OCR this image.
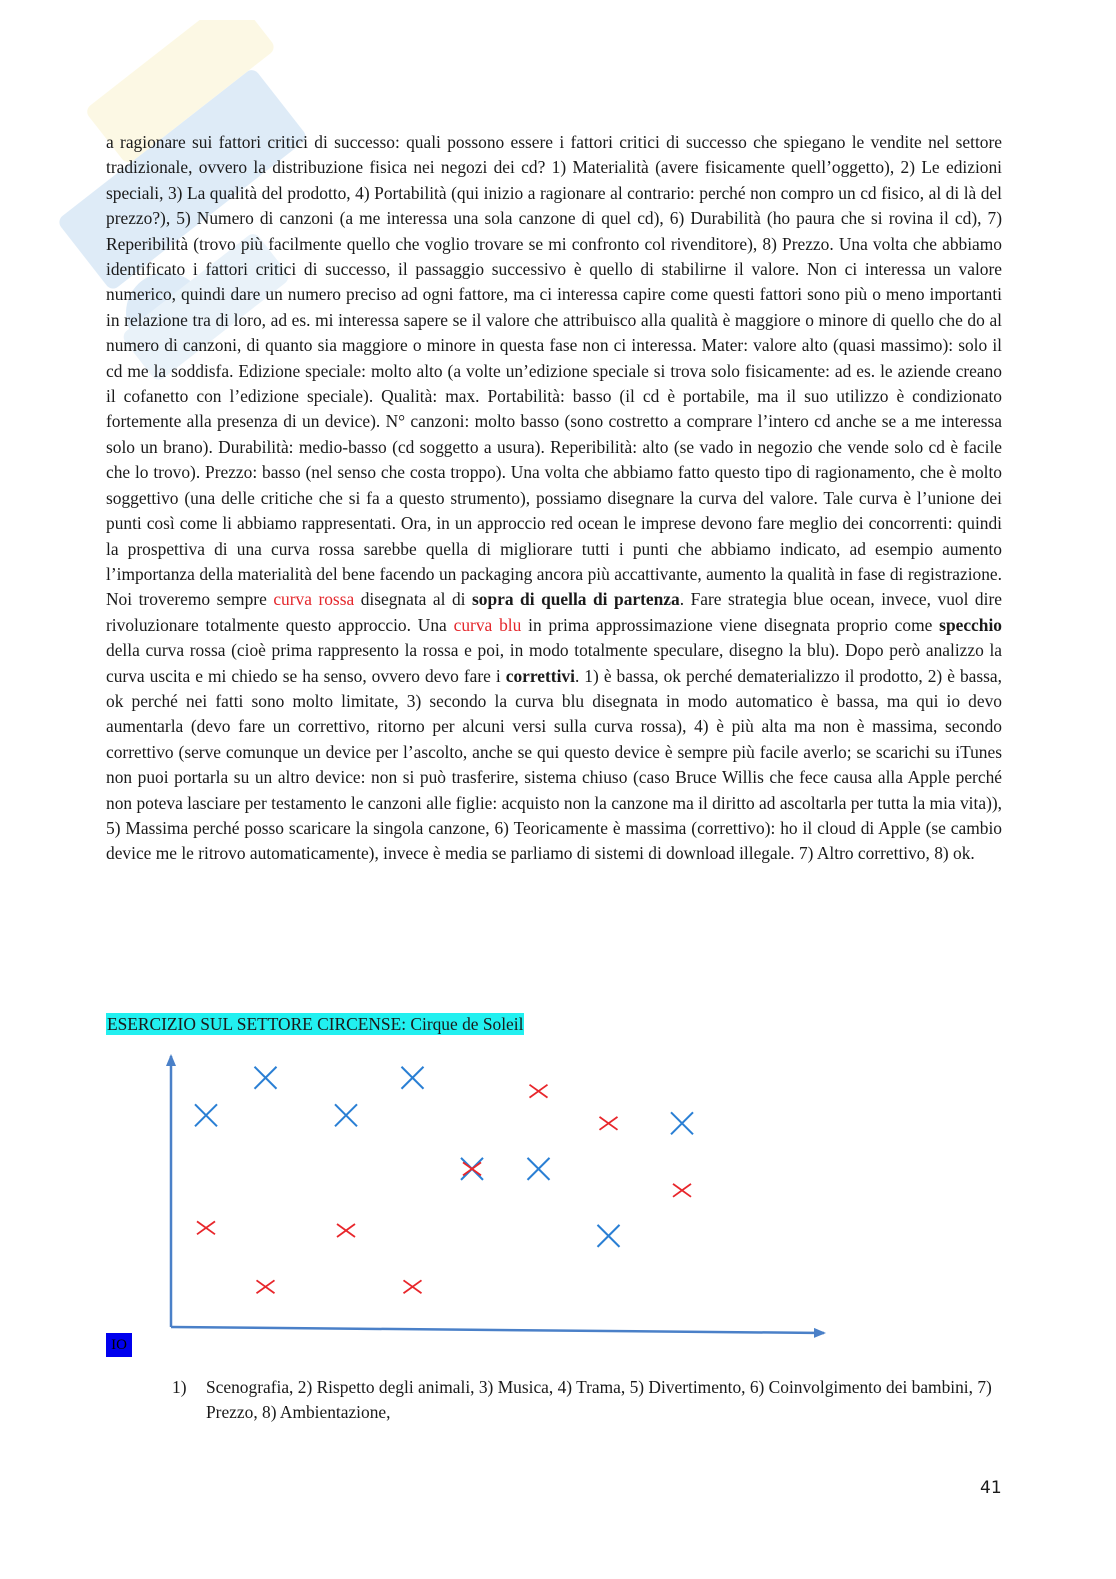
a ragionare sui fattori critici di successo: quali possono essere i fattori critici di successo che spiegano le vendite nel settore tradizionale, ovvero la distribuzione fisica nei negozi dei cd? 1) Materialità (avere fisicamente quell’oggetto), 2) Le edizioni speciali, 3) La qualità del prodotto, 4) Portabilità (qui inizio a ragionare al contrario: perché non compro un cd fisico, al di là del prezzo?), 5) Numero di canzoni (a me interessa una sola canzone di quel cd), 6) Durabilità (ho paura che si rovina il cd), 7) Reperibilità (trovo più facilmente quello che voglio trovare se mi confronto col rivenditore), 8) Prezzo. Una volta che abbiamo identificato i fattori critici di successo, il passaggio successivo è quello di stabilirne il valore. Non ci interessa un valore numerico, quindi dare un numero preciso ad ogni fattore, ma ci interessa capire come questi fattori sono più o meno importanti in relazione tra di loro, ad es. mi interessa sapere se il valore che attribuisco alla qualità è maggiore o minore di quello che do al numero di canzoni, di quanto sia maggiore o minore in questa fase non ci interessa. Mater: valore alto (quasi massimo): solo il cd me la soddisfa. Edizione speciale: molto alto (a volte un’edizione speciale si trova solo fisicamente: ad es. le aziende creano il cofanetto con l’edizione speciale). Qualità: max. Portabilità: basso (il cd è portabile, ma il suo utilizzo è condizionato fortemente alla presenza di un device). N° canzoni: molto basso (sono costretto a comprare l’intero cd anche se a me interessa solo un brano). Durabilità: medio-basso (cd soggetto a usura). Reperibilità: alto (se vado in negozio che vende solo cd è facile che lo trovo). Prezzo: basso (nel senso che costa troppo). Una volta che abbiamo fatto questo tipo di ragionamento, che è molto soggettivo (una delle critiche che si fa a questo strumento), possiamo disegnare la curva del valore. Tale curva è l’unione dei punti così come li abbiamo rappresentati. Ora, in un approccio red ocean le imprese devono fare meglio dei concorrenti: quindi la prospettiva di una curva rossa sarebbe quella di migliorare tutti i punti che abbiamo indicato, ad esempio aumento l’importanza della materialità del bene facendo un packaging ancora più accattivante, aumento la qualità in fase di registrazione. Noi troveremo sempre curva rossa disegnata al di sopra di quella di partenza. Fare strategia blue ocean, invece, vuol dire rivoluzionare totalmente questo approccio. Una curva blu in prima approssimazione viene disegnata proprio come specchio della curva rossa (cioè prima rappresento la rossa e poi, in modo totalmente speculare, disegno la blu). Dopo però analizzo la curva uscita e mi chiedo se ha senso, ovvero devo fare i correttivi. 1) è bassa, ok perché dematerializzo il prodotto, 2) è bassa, ok perché nei fatti sono molto limitate, 3) secondo la curva blu disegnata in modo automatico è bassa, ma qui io devo aumentarla (devo fare un correttivo, ritorno per alcuni versi sulla curva rossa), 4) è più alta ma non è massima, secondo correttivo (serve comunque un device per l’ascolto, anche se qui questo device è sempre più facile averlo; se scarichi su iTunes non puoi portarla su un altro device: non si può trasferire, sistema chiuso (caso Bruce Willis che fece causa alla Apple perché non poteva lasciare per testamento le canzoni alle figlie: acquisto non la canzone ma il diritto ad ascoltarla per tutta la mia vita)), 5) Massima perché posso scaricare la singola canzone, 6) Teoricamente è massima (correttivo): ho il cloud di Apple (se cambio device me le ritrovo automaticamente), invece è media se parliamo di sistemi di download illegale. 7) Altro correttivo, 8) ok.

ESERCIZIO SUL SETTORE CIRCENSE: Cirque de Soleil
IO
1) Scenografia, 2) Rispetto degli animali, 3) Musica, 4) Trama, 5) Divertimento, 6) Coinvolgimento dei bambini, 7) Prezzo, 8) Ambientazione,
41
